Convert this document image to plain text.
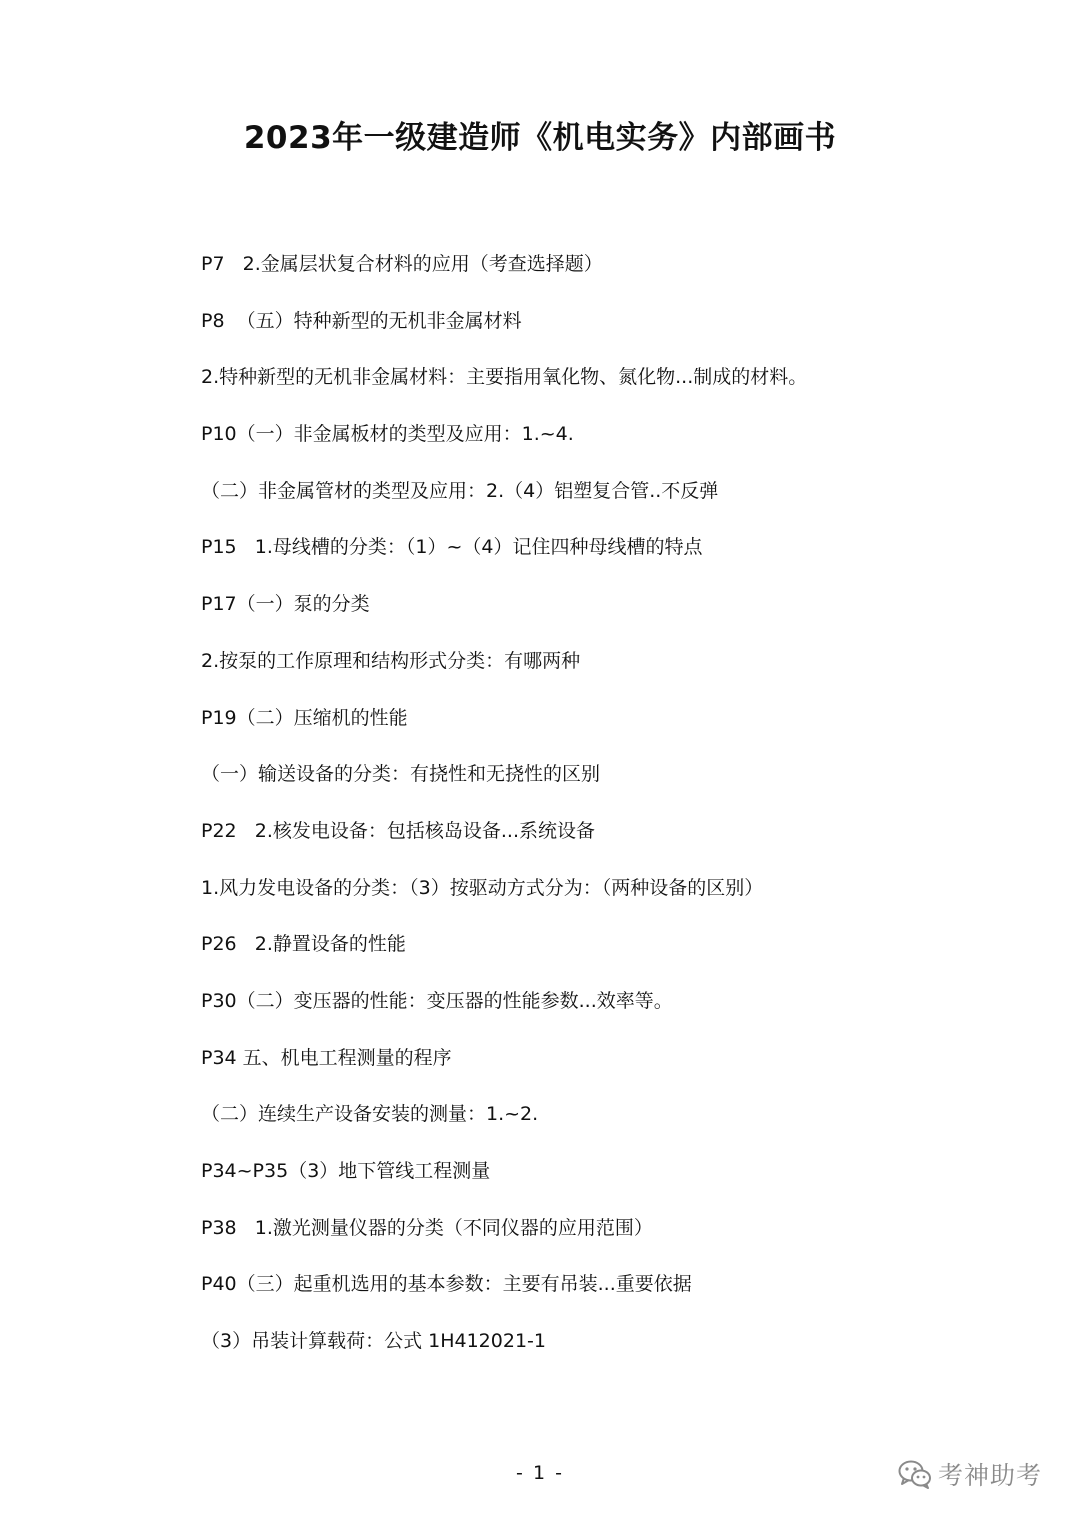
2023年一级建造师《机电实务》内部画书
P7   2.金属层状复合材料的应用（考查选择题）
P8  （五）特种新型的无机非金属材料
2.特种新型的无机非金属材料：主要指用氧化物、氮化物...制成的材料。
P10（一）非金属板材的类型及应用：1.~4.
（二）非金属管材的类型及应用：2.（4）铝塑复合管..不反弹
P15   1.母线槽的分类：（1）~（4）记住四种母线槽的特点
P17（一）泵的分类
2.按泵的工作原理和结构形式分类：有哪两种
P19（二）压缩机的性能
（一）输送设备的分类：有挠性和无挠性的区别
P22   2.核发电设备：包括核岛设备...系统设备
1.风力发电设备的分类：（3）按驱动方式分为：（两种设备的区别）
P26   2.静置设备的性能
P30（二）变压器的性能：变压器的性能参数...效率等。
P34 五、机电工程测量的程序
（二）连续生产设备安装的测量：1.~2.
P34~P35（3）地下管线工程测量
P38   1.激光测量仪器的分类（不同仪器的应用范围）
P40（三）起重机选用的基本参数：主要有吊装...重要依据
（3）吊装计算载荷：公式 1H412021-1
- 1 -	考神助考
